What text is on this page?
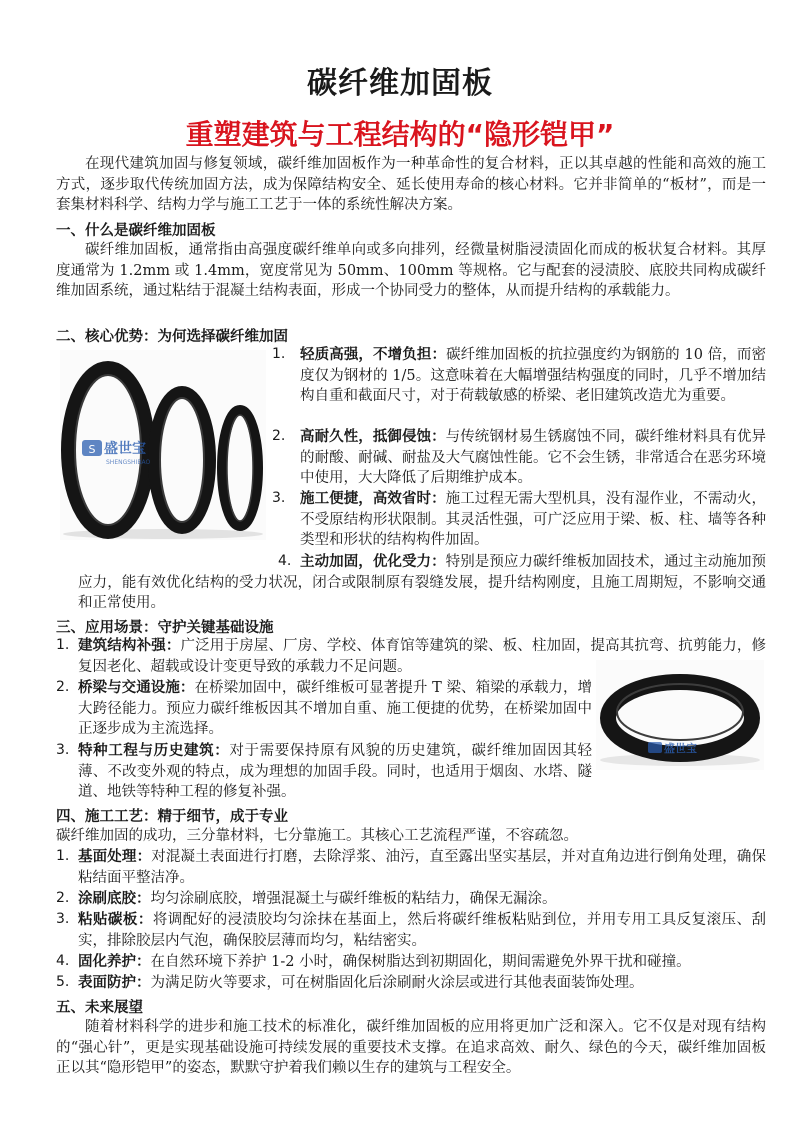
碳纤维加固板
重塑建筑与工程结构的“隐形铠甲”
在现代建筑加固与修复领域，碳纤维加固板作为一种革命性的复合材料，正以其卓越的性能和高效的施工方式，逐步取代传统加固方法，成为保障结构安全、延长使用寿命的核心材料。它并非简单的“板材”，而是一套集材料科学、结构力学与施工工艺于一体的系统性解决方案。
一、什么是碳纤维加固板
碳纤维加固板，通常指由高强度碳纤维单向或多向排列，经微量树脂浸渍固化而成的板状复合材料。其厚度通常为 1.2mm 或 1.4mm，宽度常见为 50mm、100mm 等规格。它与配套的浸渍胶、底胶共同构成碳纤维加固系统，通过粘结于混凝土结构表面，形成一个协同受力的整体，从而提升结构的承载能力。
二、核心优势：为何选择碳纤维加固
S 盛世宝
SHENGSHIBAO
1. 轻质高强，不增负担：碳纤维加固板的抗拉强度约为钢筋的 10 倍，而密度仅为钢材的 1/5。这意味着在大幅增强结构强度的同时，几乎不增加结构自重和截面尺寸，对于荷载敏感的桥梁、老旧建筑改造尤为重要。
2. 高耐久性，抵御侵蚀：与传统钢材易生锈腐蚀不同，碳纤维材料具有优异的耐酸、耐碱、耐盐及大气腐蚀性能。它不会生锈，非常适合在恶劣环境中使用，大大降低了后期维护成本。
3. 施工便捷，高效省时：施工过程无需大型机具，没有湿作业，不需动火，不受原结构形状限制。其灵活性强，可广泛应用于梁、板、柱、墙等各种类型和形状的结构构件加固。
4. 主动加固，优化受力：特别是预应力碳纤维板加固技术，通过主动施加预应力，能有效优化结构的受力状况，闭合或限制原有裂缝发展，提升结构刚度，且施工周期短，不影响交通和正常使用。
三、应用场景：守护关键基础设施
1. 建筑结构补强：广泛用于房屋、厂房、学校、体育馆等建筑的梁、板、柱加固，提高其抗弯、抗剪能力，修复因老化、超载或设计变更导致的承载力不足问题。
2. 桥梁与交通设施：在桥梁加固中，碳纤维板可显著提升 T 梁、箱梁的承载力，增大跨径能力。预应力碳纤维板因其不增加自重、施工便捷的优势，在桥梁加固中正逐步成为主流选择。
3. 特种工程与历史建筑：对于需要保持原有风貌的历史建筑，碳纤维加固因其轻薄、不改变外观的特点，成为理想的加固手段。同时，也适用于烟囱、水塔、隧道、地铁等特种工程的修复补强。
盛世宝
四、施工工艺：精于细节，成于专业
碳纤维加固的成功，三分靠材料，七分靠施工。其核心工艺流程严谨，不容疏忽。
1. 基面处理：对混凝土表面进行打磨，去除浮浆、油污，直至露出坚实基层，并对直角边进行倒角处理，确保粘结面平整洁净。
2. 涂刷底胶：均匀涂刷底胶，增强混凝土与碳纤维板的粘结力，确保无漏涂。
3. 粘贴碳板：将调配好的浸渍胶均匀涂抹在基面上，然后将碳纤维板粘贴到位，并用专用工具反复滚压、刮实，排除胶层内气泡，确保胶层薄而均匀，粘结密实。
4. 固化养护：在自然环境下养护 1-2 小时，确保树脂达到初期固化，期间需避免外界干扰和碰撞。
5. 表面防护：为满足防火等要求，可在树脂固化后涂刷耐火涂层或进行其他表面装饰处理。
五、未来展望
随着材料科学的进步和施工技术的标准化，碳纤维加固板的应用将更加广泛和深入。它不仅是对现有结构的“强心针”，更是实现基础设施可持续发展的重要技术支撑。在追求高效、耐久、绿色的今天，碳纤维加固板正以其“隐形铠甲”的姿态，默默守护着我们赖以生存的建筑与工程安全。
